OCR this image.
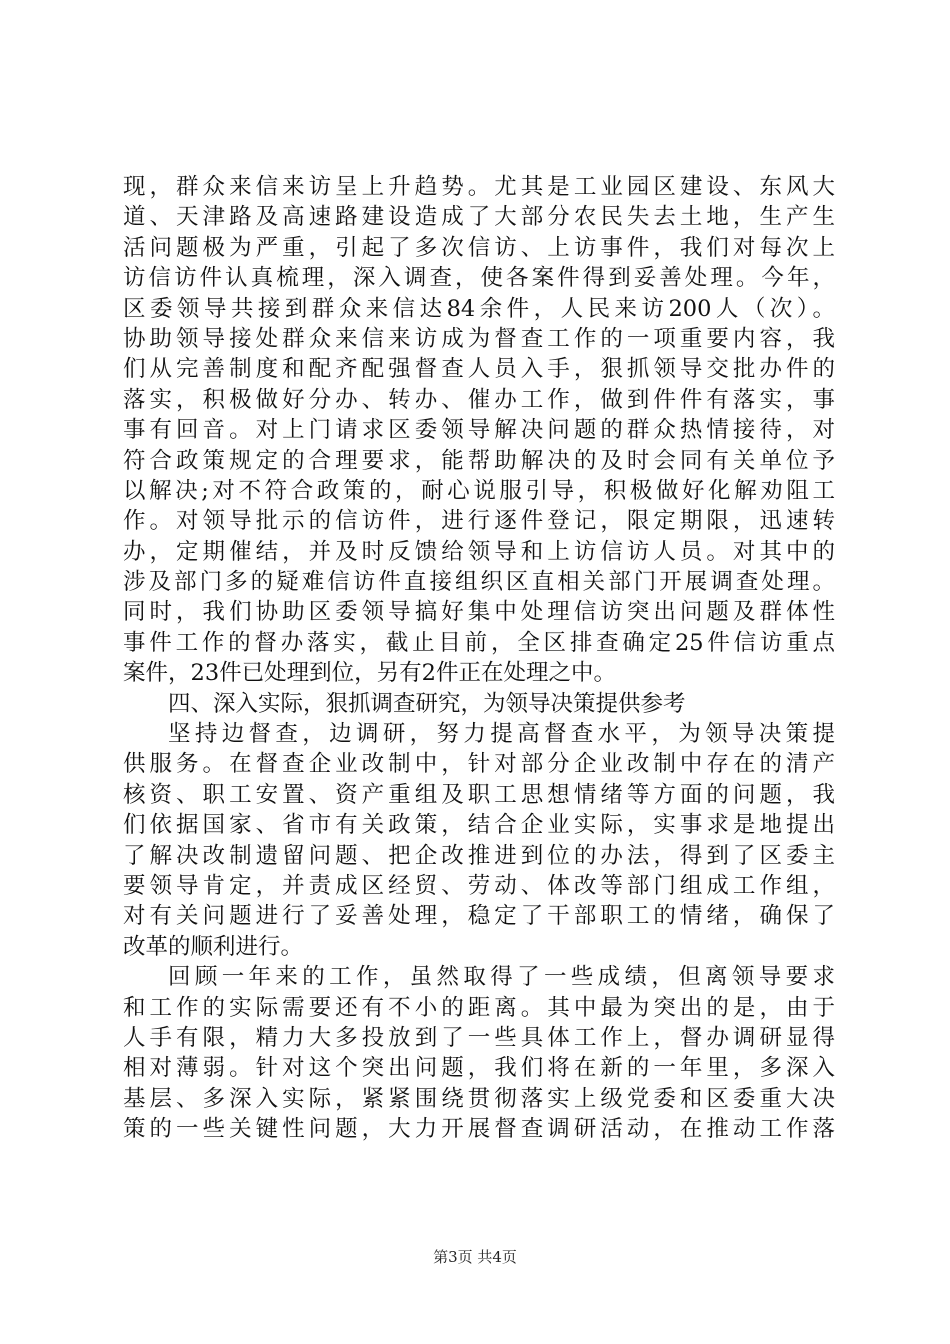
现，群众来信来访呈上升趋势。尤其是工业园区建设、东风大
道、天津路及高速路建设造成了大部分农民失去土地，生产生
活问题极为严重，引起了多次信访、上访事件，我们对每次上
访信访件认真梳理，深入调查，使各案件得到妥善处理。今年，
区委领导共接到群众来信达84余件，人民来访200人（次）。
协助领导接处群众来信来访成为督查工作的一项重要内容，我
们从完善制度和配齐配强督查人员入手，狠抓领导交批办件的
落实，积极做好分办、转办、催办工作，做到件件有落实，事
事有回音。对上门请求区委领导解决问题的群众热情接待，对
符合政策规定的合理要求，能帮助解决的及时会同有关单位予
以解决;对不符合政策的，耐心说服引导，积极做好化解劝阻工
作。对领导批示的信访件，进行逐件登记，限定期限，迅速转
办，定期催结，并及时反馈给领导和上访信访人员。对其中的
涉及部门多的疑难信访件直接组织区直相关部门开展调查处理。
同时，我们协助区委领导搞好集中处理信访突出问题及群体性
事件工作的督办落实，截止目前，全区排查确定25件信访重点
案件，23件已处理到位，另有2件正在处理之中。
四、深入实际，狠抓调查研究，为领导决策提供参考
坚持边督查，边调研，努力提高督查水平，为领导决策提
供服务。在督查企业改制中，针对部分企业改制中存在的清产
核资、职工安置、资产重组及职工思想情绪等方面的问题，我
们依据国家、省市有关政策，结合企业实际，实事求是地提出
了解决改制遗留问题、把企改推进到位的办法，得到了区委主
要领导肯定，并责成区经贸、劳动、体改等部门组成工作组，
对有关问题进行了妥善处理，稳定了干部职工的情绪，确保了
改革的顺利进行。
回顾一年来的工作，虽然取得了一些成绩，但离领导要求
和工作的实际需要还有不小的距离。其中最为突出的是，由于
人手有限，精力大多投放到了一些具体工作上，督办调研显得
相对薄弱。针对这个突出问题，我们将在新的一年里，多深入
基层、多深入实际，紧紧围绕贯彻落实上级党委和区委重大决
策的一些关键性问题，大力开展督查调研活动，在推动工作落
第3页 共4页
